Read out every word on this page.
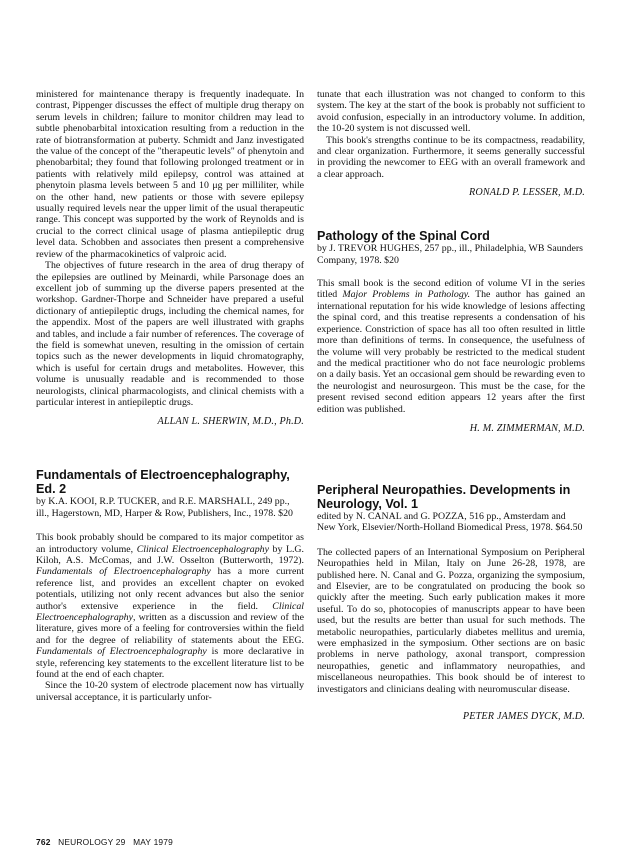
ministered for maintenance therapy is frequently inadequate. In contrast, Pippenger discusses the effect of multiple drug therapy on serum levels in children; failure to monitor children may lead to subtle phenobarbital intoxication resulting from a reduction in the rate of biotransformation at puberty. Schmidt and Janz investigated the value of the concept of the "therapeutic levels" of phenytoin and phenobarbital; they found that following prolonged treatment or in patients with relatively mild epilepsy, control was attained at phenytoin plasma levels between 5 and 10 μg per milliliter, while on the other hand, new patients or those with severe epilepsy usually required levels near the upper limit of the usual therapeutic range. This concept was supported by the work of Reynolds and is crucial to the correct clinical usage of plasma antiepileptic drug level data. Schobben and associates then present a comprehensive review of the pharmacokinetics of valproic acid.

The objectives of future research in the area of drug therapy of the epilepsies are outlined by Meinardi, while Parsonage does an excellent job of summing up the diverse papers presented at the workshop. Gardner-Thorpe and Schneider have prepared a useful dictionary of antiepileptic drugs, including the chemical names, for the appendix. Most of the papers are well illustrated with graphs and tables, and include a fair number of references. The coverage of the field is somewhat uneven, resulting in the omission of certain topics such as the newer developments in liquid chromatography, which is useful for certain drugs and metabolites. However, this volume is unusually readable and is recommended to those neurologists, clinical pharmacologists, and clinical chemists with a particular interest in antiepileptic drugs.

ALLAN L. SHERWIN, M.D., Ph.D.
Fundamentals of Electroencephalography, Ed. 2
by K.A. KOOI, R.P. TUCKER, and R.E. MARSHALL, 249 pp., ill., Hagerstown, MD, Harper & Row, Publishers, Inc., 1978. $20

This book probably should be compared to its major competitor as an introductory volume, Clinical Electroencephalography by L.G. Kiloh, A.S. McComas, and J.W. Osselton (Butterworth, 1972). Fundamentals of Electroencephalography has a more current reference list, and provides an excellent chapter on evoked potentials, utilizing not only recent advances but also the senior author's extensive experience in the field. Clinical Electroencephalography, written as a discussion and review of the literature, gives more of a feeling for controversies within the field and for the degree of reliability of statements about the EEG. Fundamentals of Electroencephalography is more declarative in style, referencing key statements to the excellent literature list to be found at the end of each chapter.

Since the 10-20 system of electrode placement now has virtually universal acceptance, it is particularly unfor-

tunate that each illustration was not changed to conform to this system. The key at the start of the book is probably not sufficient to avoid confusion, especially in an introductory volume. In addition, the 10-20 system is not discussed well.

This book's strengths continue to be its compactness, readability, and clear organization. Furthermore, it seems generally successful in providing the newcomer to EEG with an overall framework and a clear approach.

RONALD P. LESSER, M.D.
Pathology of the Spinal Cord
by J. TREVOR HUGHES, 257 pp., ill., Philadelphia, WB Saunders Company, 1978. $20

This small book is the second edition of volume VI in the series titled Major Problems in Pathology. The author has gained an international reputation for his wide knowledge of lesions affecting the spinal cord, and this treatise represents a condensation of his experience. Constriction of space has all too often resulted in little more than definitions of terms. In consequence, the usefulness of the volume will very probably be restricted to the medical student and the medical practitioner who do not face neurologic problems on a daily basis. Yet an occasional gem should be rewarding even to the neurologist and neurosurgeon. This must be the case, for the present revised second edition appears 12 years after the first edition was published.

H. M. ZIMMERMAN, M.D.
Peripheral Neuropathies. Developments in Neurology, Vol. 1
edited by N. CANAL and G. POZZA, 516 pp., Amsterdam and New York, Elsevier/North-Holland Biomedical Press, 1978. $64.50

The collected papers of an International Symposium on Peripheral Neuropathies held in Milan, Italy on June 26-28, 1978, are published here. N. Canal and G. Pozza, organizing the symposium, and Elsevier, are to be congratulated on producing the book so quickly after the meeting. Such early publication makes it more useful. To do so, photocopies of manuscripts appear to have been used, but the results are better than usual for such methods. The metabolic neuropathies, particularly diabetes mellitus and uremia, were emphasized in the symposium. Other sections are on basic problems in nerve pathology, axonal transport, compression neuropathies, genetic and inflammatory neuropathies, and miscellaneous neuropathies. This book should be of interest to investigators and clinicians dealing with neuromuscular disease.

PETER JAMES DYCK, M.D.
762 NEUROLOGY 29 MAY 1979
